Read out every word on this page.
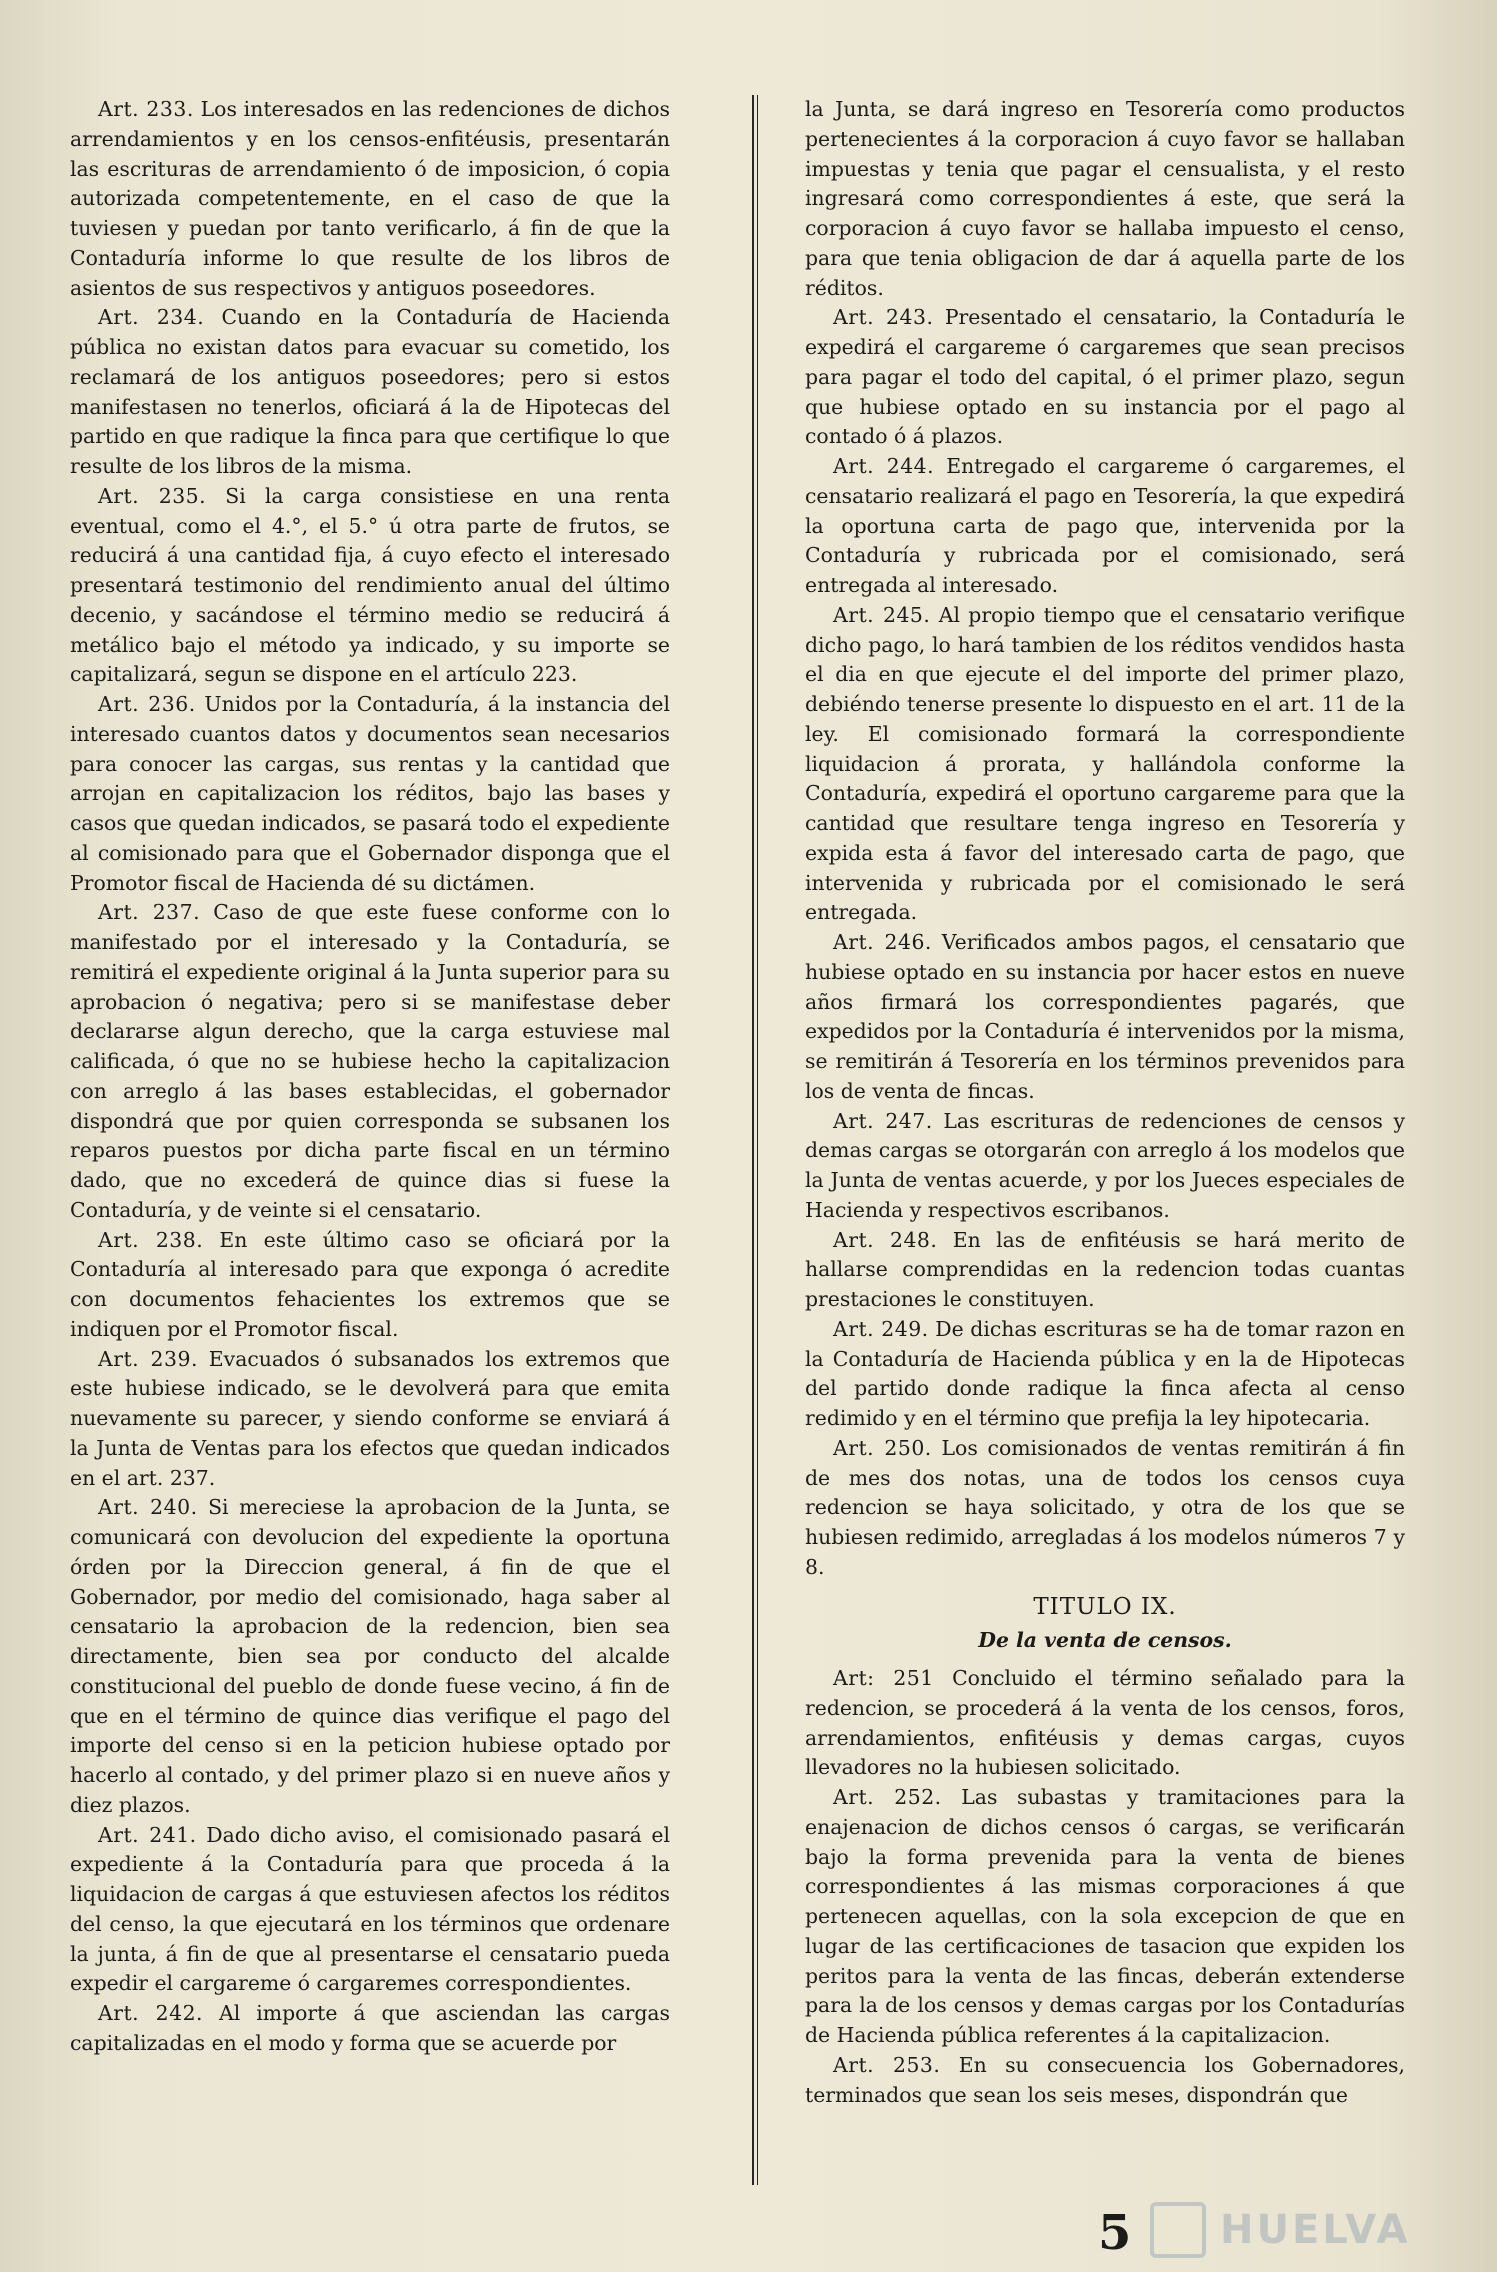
Art. 233. Los interesados en las redenciones de dichos arrendamientos y en los censos-enfitéusis, presentarán las escrituras de arrendamiento ó de imposicion, ó copia autorizada competentemente, en el caso de que la tuviesen y puedan por tanto verificarlo, á fin de que la Contaduría informe lo que resulte de los libros de asientos de sus respectivos y antiguos poseedores.

Art. 234. Cuando en la Contaduría de Hacienda pública no existan datos para evacuar su cometido, los reclamará de los antiguos poseedores; pero si estos manifestasen no tenerlos, oficiará á la de Hipotecas del partido en que radique la finca para que certifique lo que resulte de los libros de la misma.

Art. 235. Si la carga consistiese en una renta eventual, como el 4.°, el 5.° ú otra parte de frutos, se reducirá á una cantidad fija, á cuyo efecto el interesado presentará testimonio del rendimiento anual del último decenio, y sacándose el término medio se reducirá á metálico bajo el método ya indicado, y su importe se capitalizará, segun se dispone en el artículo 223.

Art. 236. Unidos por la Contaduría, á la instancia del interesado cuantos datos y documentos sean necesarios para conocer las cargas, sus rentas y la cantidad que arrojan en capitalizacion los réditos, bajo las bases y casos que quedan indicados, se pasará todo el expediente al comisionado para que el Gobernador disponga que el Promotor fiscal de Hacienda dé su dictámen.

Art. 237. Caso de que este fuese conforme con lo manifestado por el interesado y la Contaduría, se remitirá el expediente original á la Junta superior para su aprobacion ó negativa; pero si se manifestase deber declararse algun derecho, que la carga estuviese mal calificada, ó que no se hubiese hecho la capitalizacion con arreglo á las bases establecidas, el gobernador dispondrá que por quien corresponda se subsanen los reparos puestos por dicha parte fiscal en un término dado, que no excederá de quince dias si fuese la Contaduría, y de veinte si el censatario.

Art. 238. En este último caso se oficiará por la Contaduría al interesado para que exponga ó acredite con documentos fehacientes los extremos que se indiquen por el Promotor fiscal.

Art. 239. Evacuados ó subsanados los extremos que este hubiese indicado, se le devolverá para que emita nuevamente su parecer, y siendo conforme se enviará á la Junta de Ventas para los efectos que quedan indicados en el art. 237.

Art. 240. Si mereciese la aprobacion de la Junta, se comunicará con devolucion del expediente la oportuna órden por la Direccion general, á fin de que el Gobernador, por medio del comisionado, haga saber al censatario la aprobacion de la redencion, bien sea directamente, bien sea por conducto del alcalde constitucional del pueblo de donde fuese vecino, á fin de que en el término de quince dias verifique el pago del importe del censo si en la peticion hubiese optado por hacerlo al contado, y del primer plazo si en nueve años y diez plazos.

Art. 241. Dado dicho aviso, el comisionado pasará el expediente á la Contaduría para que proceda á la liquidacion de cargas á que estuviesen afectos los réditos del censo, la que ejecutará en los términos que ordenare la junta, á fin de que al presentarse el censatario pueda expedir el cargareme ó cargaremes correspondientes.

Art. 242. Al importe á que asciendan las cargas capitalizadas en el modo y forma que se acuerde por

la Junta, se dará ingreso en Tesorería como productos pertenecientes á la corporacion á cuyo favor se hallaban impuestas y tenia que pagar el censualista, y el resto ingresará como correspondientes á este, que será la corporacion á cuyo favor se hallaba impuesto el censo, para que tenia obligacion de dar á aquella parte de los réditos.

Art. 243. Presentado el censatario, la Contaduría le expedirá el cargareme ó cargaremes que sean precisos para pagar el todo del capital, ó el primer plazo, segun que hubiese optado en su instancia por el pago al contado ó á plazos.

Art. 244. Entregado el cargareme ó cargaremes, el censatario realizará el pago en Tesorería, la que expedirá la oportuna carta de pago que, intervenida por la Contaduría y rubricada por el comisionado, será entregada al interesado.

Art. 245. Al propio tiempo que el censatario verifique dicho pago, lo hará tambien de los réditos vendidos hasta el dia en que ejecute el del importe del primer plazo, debiéndo tenerse presente lo dispuesto en el art. 11 de la ley. El comisionado formará la correspondiente liquidacion á prorata, y hallándola conforme la Contaduría, expedirá el oportuno cargareme para que la cantidad que resultare tenga ingreso en Tesorería y expida esta á favor del interesado carta de pago, que intervenida y rubricada por el comisionado le será entregada.

Art. 246. Verificados ambos pagos, el censatario que hubiese optado en su instancia por hacer estos en nueve años firmará los correspondientes pagarés, que expedidos por la Contaduría é intervenidos por la misma, se remitirán á Tesorería en los términos prevenidos para los de venta de fincas.

Art. 247. Las escrituras de redenciones de censos y demas cargas se otorgarán con arreglo á los modelos que la Junta de ventas acuerde, y por los Jueces especiales de Hacienda y respectivos escribanos.

Art. 248. En las de enfitéusis se hará merito de hallarse comprendidas en la redencion todas cuantas prestaciones le constituyen.

Art. 249. De dichas escrituras se ha de tomar razon en la Contaduría de Hacienda pública y en la de Hipotecas del partido donde radique la finca afecta al censo redimido y en el término que prefija la ley hipotecaria.

Art. 250. Los comisionados de ventas remitirán á fin de mes dos notas, una de todos los censos cuya redencion se haya solicitado, y otra de los que se hubiesen redimido, arregladas á los modelos números 7 y 8.

TITULO IX.
De la venta de censos.

Art: 251 Concluido el término señalado para la redencion, se procederá á la venta de los censos, foros, arrendamientos, enfitéusis y demas cargas, cuyos llevadores no la hubiesen solicitado.

Art. 252. Las subastas y tramitaciones para la enajenacion de dichos censos ó cargas, se verificarán bajo la forma prevenida para la venta de bienes correspondientes á las mismas corporaciones á que pertenecen aquellas, con la sola excepcion de que en lugar de las certificaciones de tasacion que expiden los peritos para la venta de las fincas, deberán extenderse para la de los censos y demas cargas por los Contadurías de Hacienda pública referentes á la capitalizacion.

Art. 253. En su consecuencia los Gobernadores, terminados que sean los seis meses, dispondrán que

5 HUELVA
